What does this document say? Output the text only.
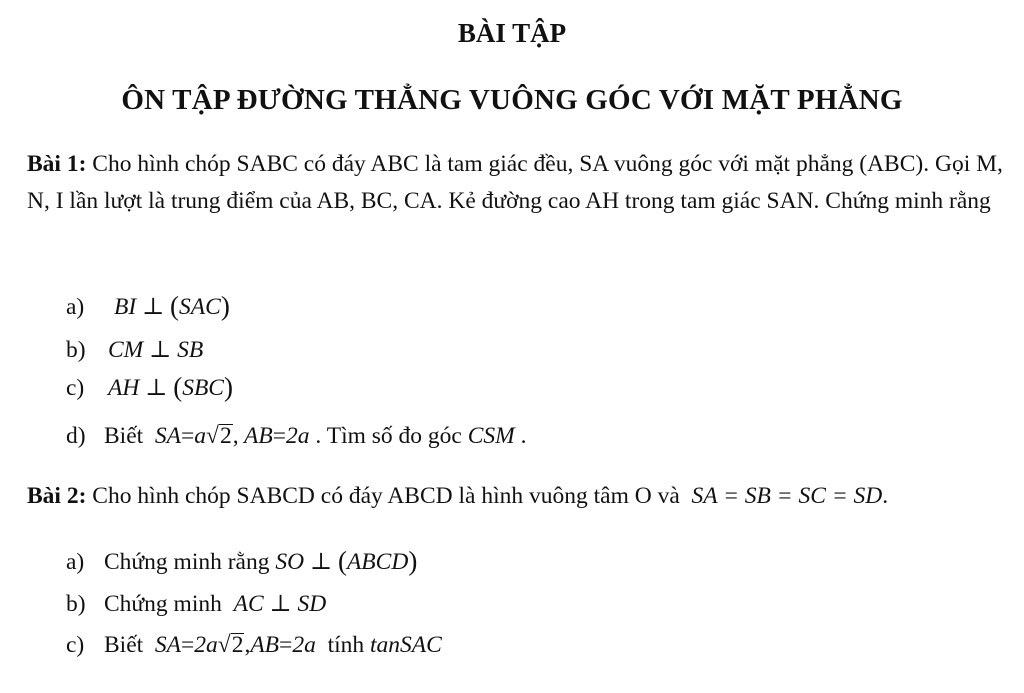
BÀI TẬP
ÔN TẬP ĐƯỜNG THẲNG VUÔNG GÓC VỚI MẶT PHẲNG
Bài 1: Cho hình chóp SABC có đáy ABC là tam giác đều, SA vuông góc với mặt phẳng (ABC). Gọi M, N, I lần lượt là trung điểm của AB, BC, CA. Kẻ đường cao AH trong tam giác SAN. Chứng minh rằng
a) BI ⊥ (SAC)
b) CM ⊥ SB
c) AH ⊥ (SBC)
d) Biết SA=a√2, AB=2a . Tìm số đo góc CSM .
Bài 2: Cho hình chóp SABCD có đáy ABCD là hình vuông tâm O và SA = SB = SC = SD.
a) Chứng minh rằng SO ⊥ (ABCD)
b) Chứng minh AC ⊥ SD
c) Biết SA=2a√2,AB=2a tính tanSAC
